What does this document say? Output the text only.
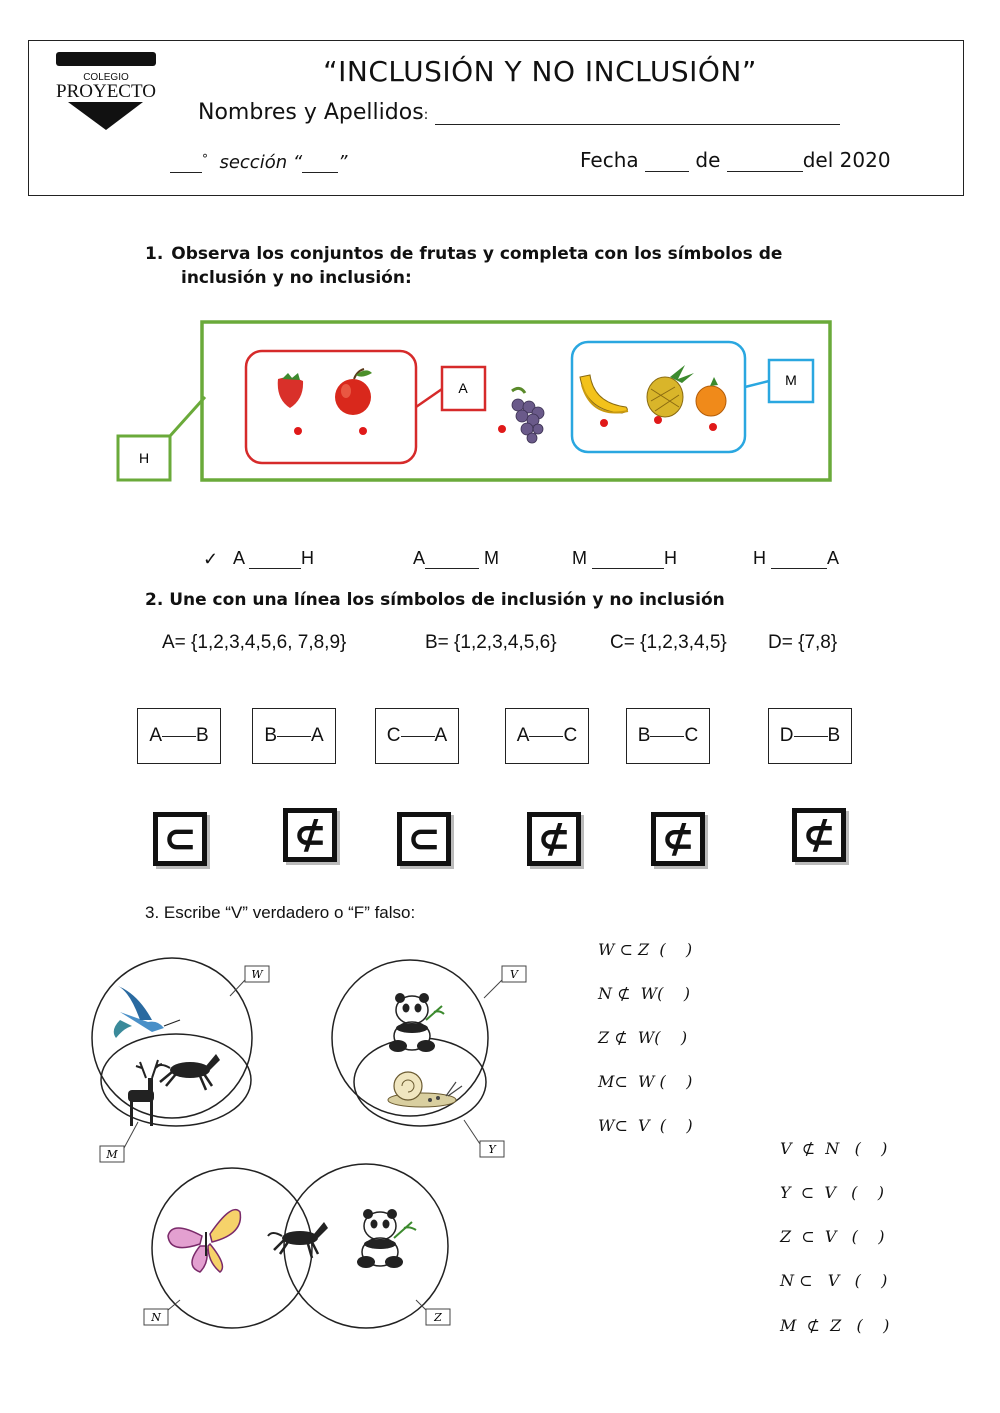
COLEGIO
PROYECTO
“INCLUSIÓN Y NO INCLUSIÓN”
Nombres y Apellidos:
° sección “ ”	Fecha	de	del 2020
1. Observa los conjuntos de frutas y completa con los símbolos de
inclusión y no inclusión:
H
A	M
✓ A	H	A	M	M	H	H	A
2. Une con una línea los símbolos de inclusión y no inclusión
A= {1,2,3,4,5,6, 7,8,9}	B= {1,2,3,4,5,6}	C= {1,2,3,4,5} D= {7,8}
A B	B A	C A	A C	B C	D B
⊂ ⊄ ⊂ ⊄ ⊄	⊄
3. Escribe “V” verdadero o “F” falso:
W
M
V
Y
N	Z
W ⊂ Z  (    )
N ⊄  W(    )
Z ⊄  W(    )
M⊂  W (    )
W⊂  V  (    )
V  ⊄  N   (    )
Y  ⊂  V   (    )
Z  ⊂  V   (    )
N ⊂   V   (    )
M  ⊄  Z   (    )
